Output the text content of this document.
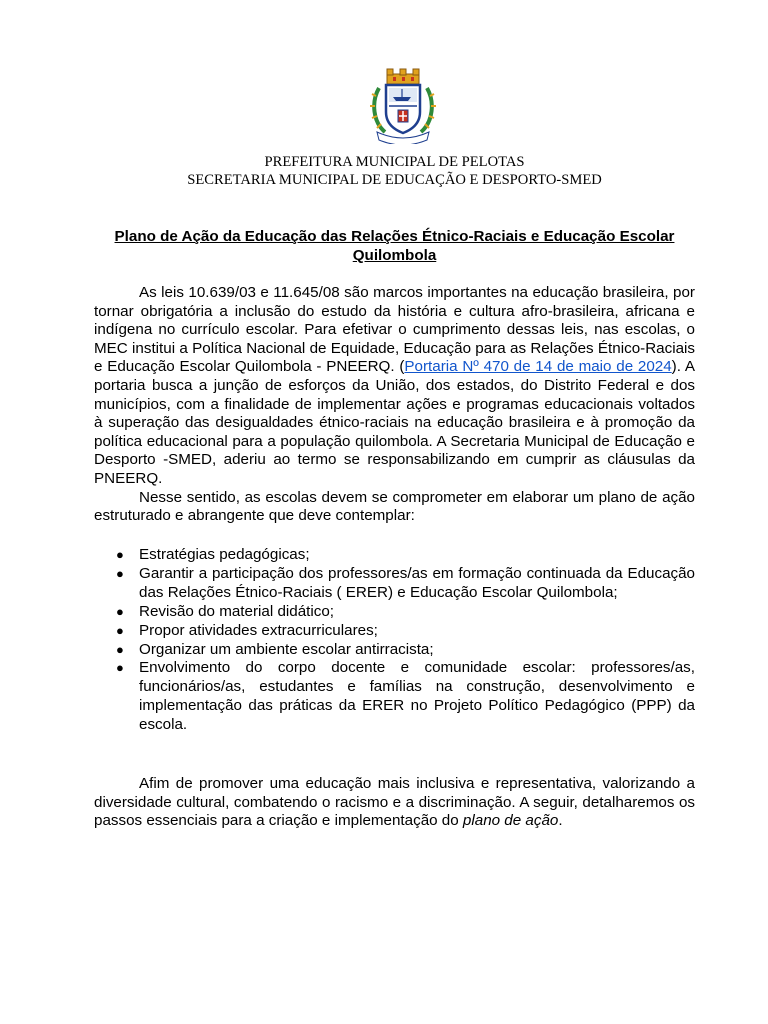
PREFEITURA MUNICIPAL DE PELOTAS
SECRETARIA MUNICIPAL DE EDUCAÇÃO E DESPORTO-SMED
Plano de Ação da Educação das Relações Étnico-Raciais e Educação Escolar Quilombola

As leis 10.639/03 e 11.645/08 são marcos importantes na educação brasileira, por tornar obrigatória a inclusão do estudo da história e cultura afro-brasileira, africana e indígena no currículo escolar. Para efetivar o cumprimento dessas leis, nas escolas, o MEC institui a Política Nacional de Equidade, Educação para as Relações Étnico-Raciais e Educação Escolar Quilombola - PNEERQ. (Portaria Nº 470 de 14 de maio de 2024). A portaria busca a junção de esforços da União, dos estados, do Distrito Federal e dos municípios, com a finalidade de implementar ações e programas educacionais voltados à superação das desigualdades étnico-raciais na educação brasileira e à promoção da política educacional para a população quilombola. A Secretaria Municipal de Educação e Desporto -SMED, aderiu ao termo se responsabilizando em cumprir as cláusulas da PNEERQ.

Nesse sentido, as escolas devem se comprometer em elaborar um plano de ação estruturado e abrangente que deve contemplar:

● Estratégias pedagógicas;
● Garantir a participação dos professores/as em formação continuada da Educação das Relações Étnico-Raciais ( ERER) e Educação Escolar Quilombola;
● Revisão do material didático;
● Propor atividades extracurriculares;
● Organizar um ambiente escolar antirracista;
● Envolvimento do corpo docente e comunidade escolar: professores/as, funcionários/as, estudantes e famílias na construção, desenvolvimento e implementação das práticas da ERER no Projeto Político Pedagógico (PPP) da escola.

Afim de promover uma educação mais inclusiva e representativa, valorizando a diversidade cultural, combatendo o racismo e a discriminação. A seguir, detalharemos os passos essenciais para a criação e implementação do plano de ação.
